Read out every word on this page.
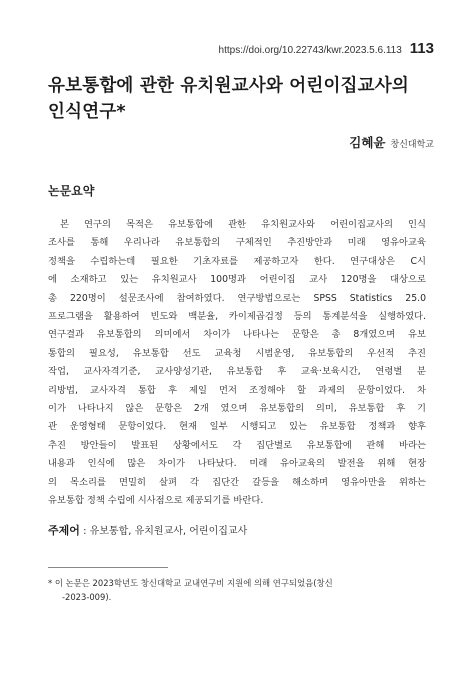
https://doi.org/10.22743/kwr.2023.5.6.113 113
유보통합에 관한 유치원교사와 어린이집교사의
인식연구*
김혜윤 창신대학교
논문요약
본 연구의 목적은 유보통합에 관한 유치원교사와 어린이집교사의 인식
조사를 통해 우리나라 유보통합의 구체적인 추진방안과 미래 영유아교육
정책을 수립하는데 필요한 기초자료를 제공하고자 한다. 연구대상은 C시
에 소재하고 있는 유치원교사 100명과 어린이집 교사 120명을 대상으로
총 220명이 설문조사에 참여하였다. 연구방법으로는 SPSS Statistics 25.0
프로그램을 활용하여 빈도와 백분율, 카이제곱검정 등의 통계분석을 실행하였다.
연구결과 유보통합의 의미에서 차이가 나타나는 문항은 총 8개였으며 유보
통합의 필요성, 유보통합 선도 교육청 시범운영, 유보통합의 우선적 추진
작업, 교사자격기준, 교사양성기관, 유보통합 후 교육·보육시간, 연령별 분
리방법, 교사자격 통합 후 제일 먼저 조정해야 할 과제의 문항이었다. 차
이가 나타나지 않은 문항은 2개 였으며 유보통합의 의미, 유보통합 후 기
관 운영형태 문항이었다. 현재 일부 시행되고 있는 유보통합 정책과 향후
추진 방안들이 발표된 상황에서도 각 집단별로 유보통합에 관해 바라는
내용과 인식에 많은 차이가 나타났다. 미래 유아교육의 발전을 위해 현장
의 목소리를 면밀히 살펴 각 집단간 갈등을 해소하며 영유아만을 위하는
유보통합 정책 수립에 시사점으로 제공되기를 바란다.
주제어 : 유보통합, 유치원교사, 어린이집교사
* 이 논문은 2023학년도 창신대학교 교내연구비 지원에 의해 연구되었음(창신
-2023-009).
